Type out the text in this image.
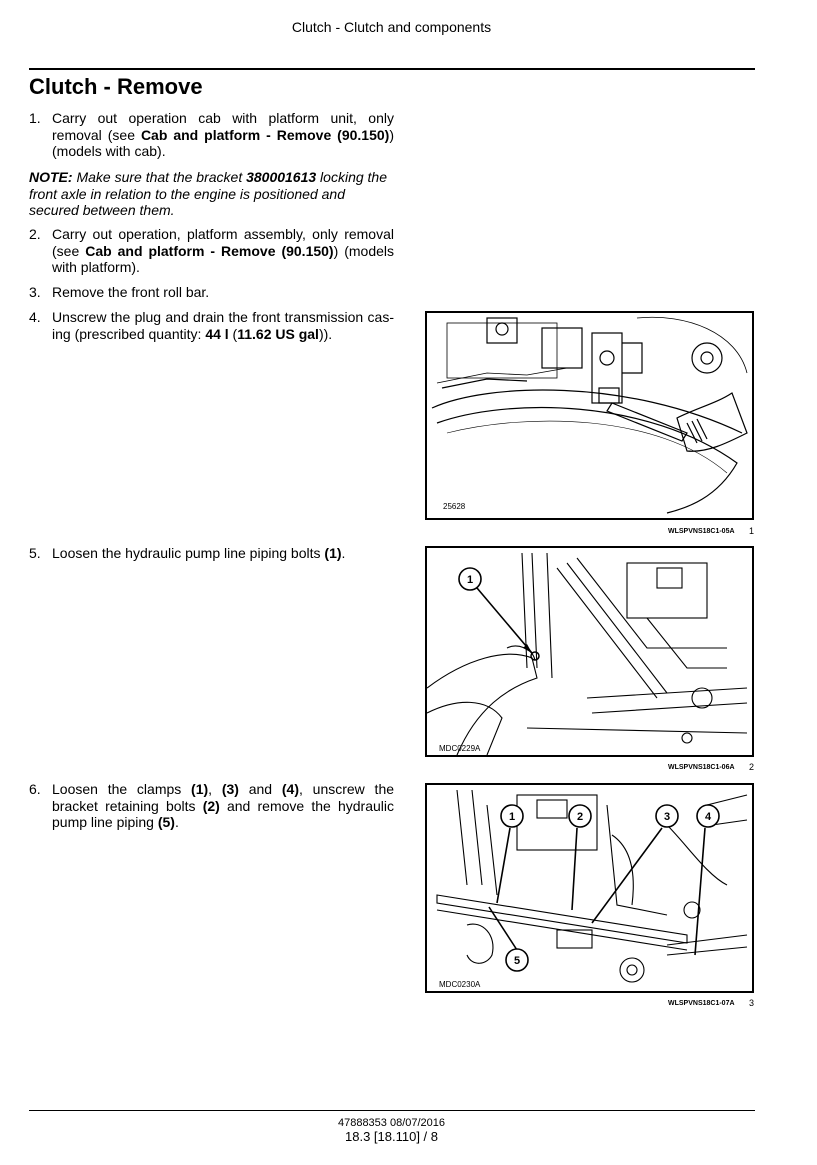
Clutch - Clutch and components
Clutch - Remove
1. Carry out operation cab with platform unit, only removal (see Cab and platform - Remove (90.150)) (models with cab).
NOTE: Make sure that the bracket 380001613 locking the front axle in relation to the engine is positioned and secured between them.
2. Carry out operation, platform assembly, only removal (see Cab and platform - Remove (90.150)) (models with platform).
3. Remove the front roll bar.
4. Unscrew the plug and drain the front transmission cas-ing (prescribed quantity: 44 l (11.62 US gal)).
5. Loosen the hydraulic pump line piping bolts (1).
6. Loosen the clamps (1), (3) and (4), unscrew the bracket retaining bolts (2) and remove the hydraulic pump line piping (5).
25628
WLSPVNS18C1-05A 1
1
MDC0229A
WLSPVNS18C1-06A 2
1	2	3	4
5
MDC0230A
WLSPVNS18C1-07A 3
47888353 08/07/2016
18.3 [18.110] / 8
